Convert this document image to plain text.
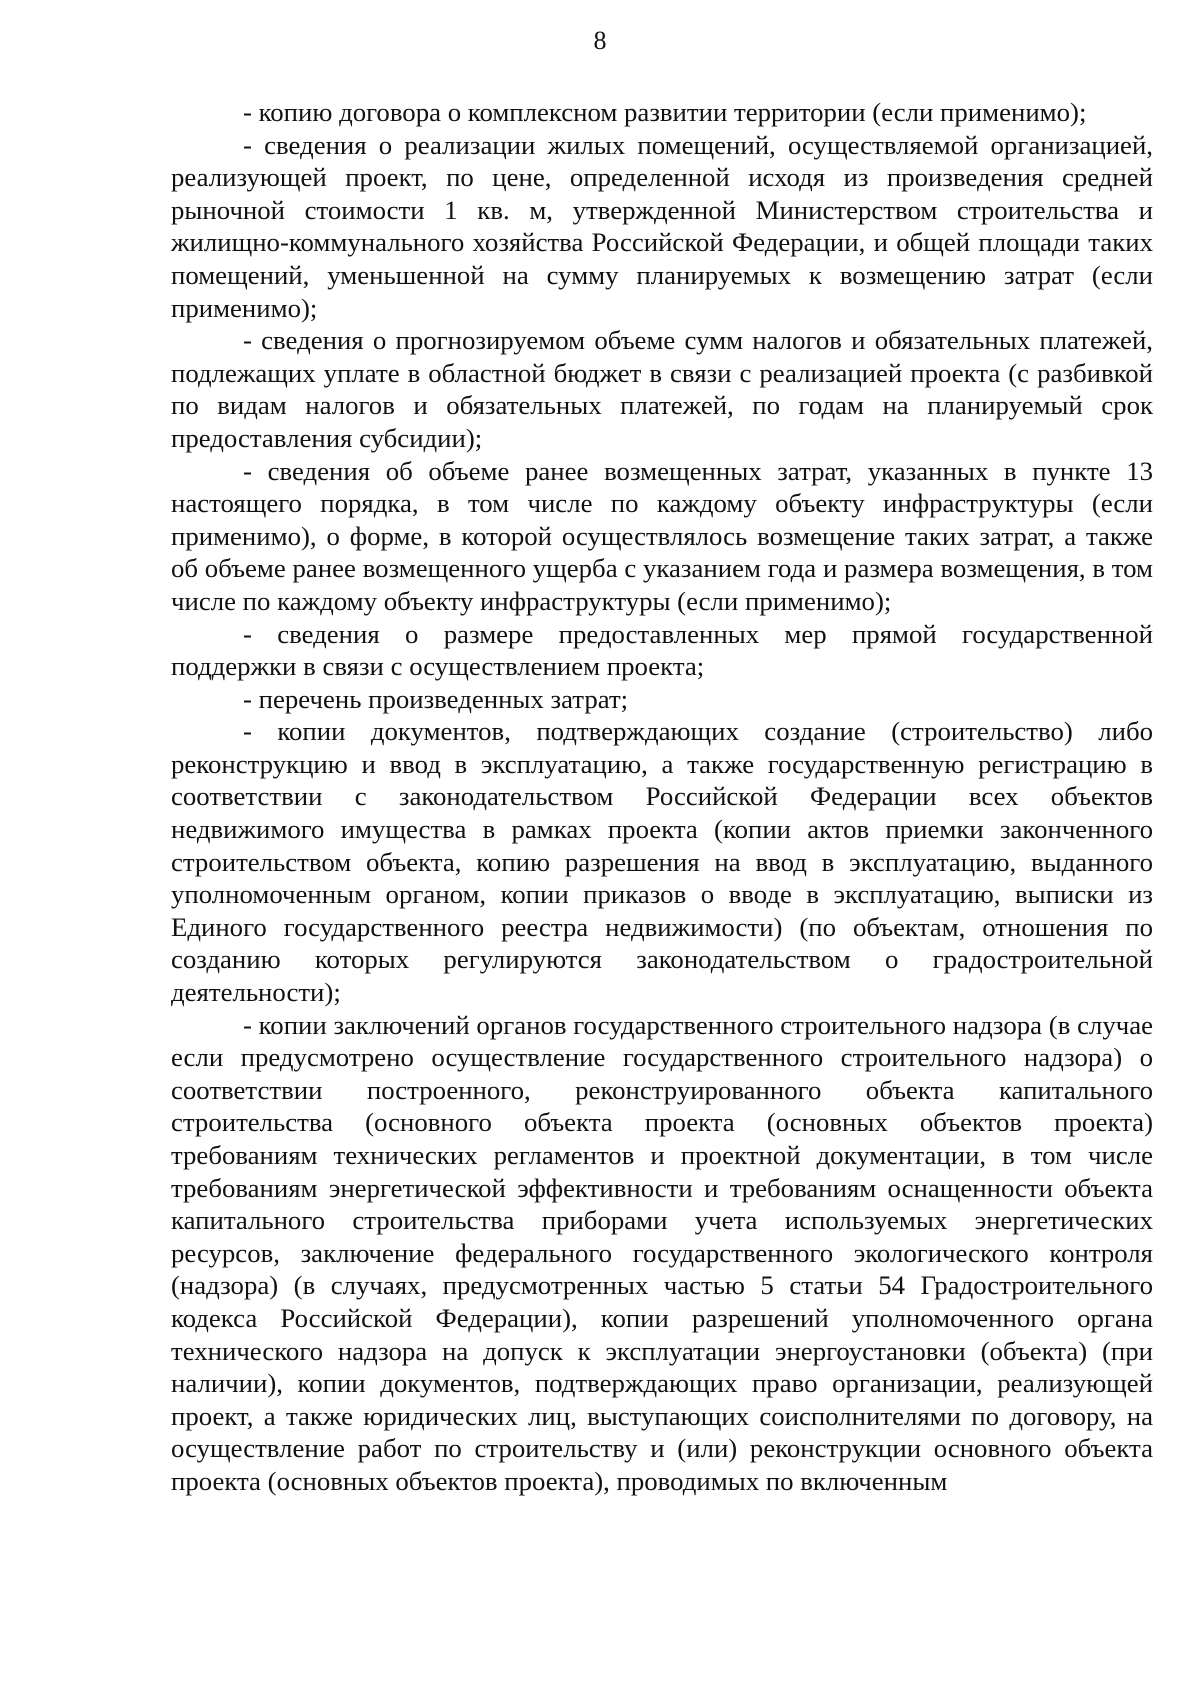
8

- копию договора о комплексном развитии территории (если применимо);

- сведения о реализации жилых помещений, осуществляемой организацией, реализующей проект, по цене, определенной исходя из произведения средней рыночной стоимости 1 кв. м, утвержденной Министерством строительства и жилищно-коммунального хозяйства Российской Федерации, и общей площади таких помещений, уменьшенной на сумму планируемых к возмещению затрат (если применимо);

- сведения о прогнозируемом объеме сумм налогов и обязательных платежей, подлежащих уплате в областной бюджет в связи с реализацией проекта (с разбивкой по видам налогов и обязательных платежей, по годам на планируемый срок предоставления субсидии);

- сведения об объеме ранее возмещенных затрат, указанных в пункте 13 настоящего порядка, в том числе по каждому объекту инфраструктуры (если применимо), о форме, в которой осуществлялось возмещение таких затрат, а также об объеме ранее возмещенного ущерба с указанием года и размера возмещения, в том числе по каждому объекту инфраструктуры (если применимо);

- сведения о размере предоставленных мер прямой государственной поддержки в связи с осуществлением проекта;

- перечень произведенных затрат;

- копии документов, подтверждающих создание (строительство) либо реконструкцию и ввод в эксплуатацию, а также государственную регистрацию в соответствии с законодательством Российской Федерации всех объектов недвижимого имущества в рамках проекта (копии актов приемки законченного строительством объекта, копию разрешения на ввод в эксплуатацию, выданного уполномоченным органом, копии приказов о вводе в эксплуатацию, выписки из Единого государственного реестра недвижимости) (по объектам, отношения по созданию которых регулируются законодательством о градостроительной деятельности);

- копии заключений органов государственного строительного надзора (в случае если предусмотрено осуществление государственного строительного надзора) о соответствии построенного, реконструированного объекта капитального строительства (основного объекта проекта (основных объектов проекта) требованиям технических регламентов и проектной документации, в том числе требованиям энергетической эффективности и требованиям оснащенности объекта капитального строительства приборами учета используемых энергетических ресурсов, заключение федерального государственного экологического контроля (надзора) (в случаях, предусмотренных частью 5 статьи 54 Градостроительного кодекса Российской Федерации), копии разрешений уполномоченного органа технического надзора на допуск к эксплуатации энергоустановки (объекта) (при наличии), копии документов, подтверждающих право организации, реализующей проект, а также юридических лиц, выступающих соисполнителями по договору, на осуществление работ по строительству и (или) реконструкции основного объекта проекта (основных объектов проекта), проводимых по включенным
